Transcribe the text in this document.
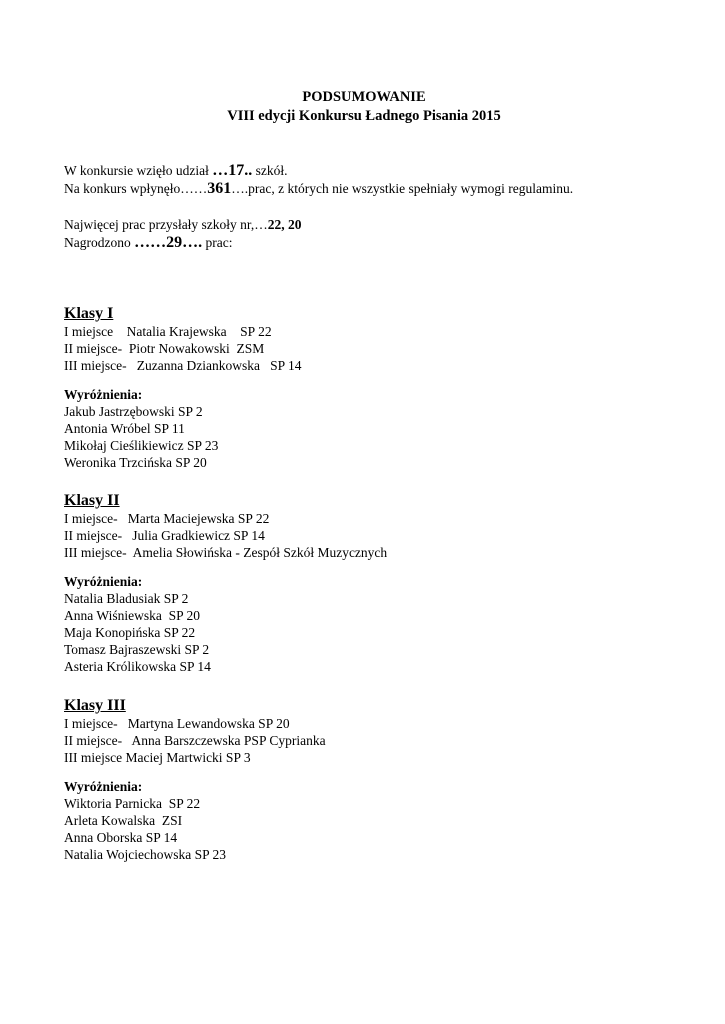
PODSUMOWANIE
VIII edycji Konkursu Ładnego Pisania 2015
W konkursie wzięło udział …17.. szkół.
Na konkurs wpłynęło……361….prac, z których nie wszystkie spełniały wymogi regulaminu.
Najwięcej prac przysłały szkoły nr,…22, 20
Nagrodzono ……29…. prac:
Klasy I
I miejsce    Natalia Krajewska    SP 22
II miejsce-  Piotr Nowakowski  ZSM
III miejsce-   Zuzanna Dziankowska   SP 14
Wyróżnienia:
Jakub Jastrzębowski SP 2
Antonia Wróbel SP 11
Mikołaj Cieślikiewicz SP 23
Weronika Trzcińska SP 20
Klasy II
I miejsce-   Marta Maciejewska SP 22
II miejsce-   Julia Gradkiewicz SP 14
III miejsce-  Amelia Słowińska - Zespół Szkół Muzycznych
Wyróżnienia:
Natalia Bladusiak SP 2
Anna Wiśniewska  SP 20
Maja Konopińska SP 22
Tomasz Bajraszewski SP 2
Asteria Królikowska SP 14
Klasy III
I miejsce-   Martyna Lewandowska SP 20
II miejsce-   Anna Barszczewska PSP Cyprianka
III miejsce Maciej Martwicki SP 3
Wyróżnienia:
Wiktoria Parnicka  SP 22
Arleta Kowalska  ZSI
Anna Oborska SP 14
Natalia Wojciechowska SP 23
